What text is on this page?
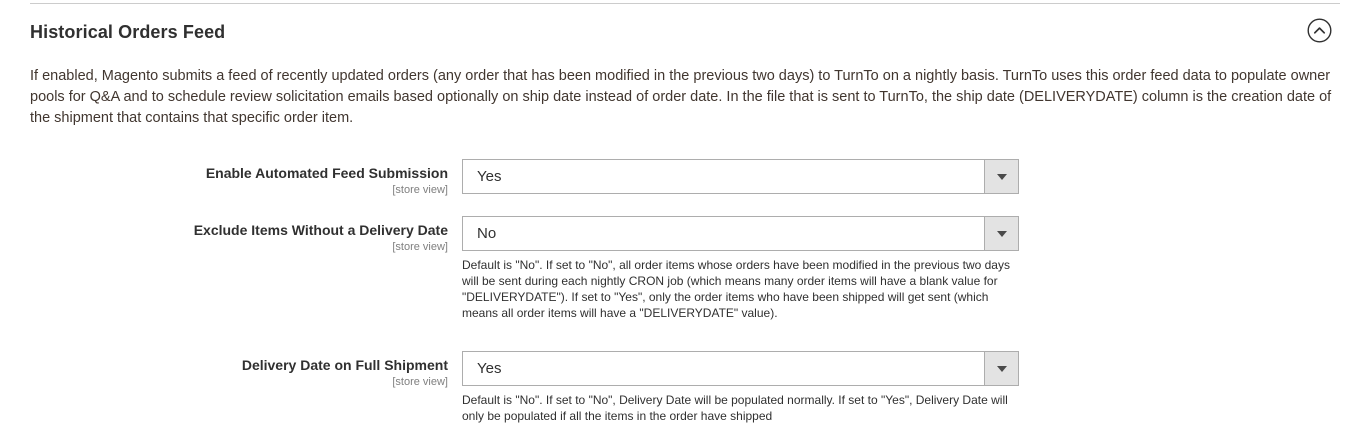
Historical Orders Feed

If enabled, Magento submits a feed of recently updated orders (any order that has been modified in the previous two days) to TurnTo on a nightly basis. TurnTo uses this order feed data to populate owner pools for Q&A and to schedule review solicitation emails based optionally on ship date instead of order date. In the file that is sent to TurnTo, the ship date (DELIVERYDATE) column is the creation date of the shipment that contains that specific order item.

Enable Automated Feed Submission
[store view]
Yes
Exclude Items Without a Delivery Date
[store view]
No

Default is "No". If set to "No", all order items whose orders have been modified in the previous two days will be sent during each nightly CRON job (which means many order items will have a blank value for "DELIVERYDATE"). If set to "Yes", only the order items who have been shipped will get sent (which means all order items will have a "DELIVERYDATE" value).

Delivery Date on Full Shipment
[store view]
Yes

Default is "No". If set to "No", Delivery Date will be populated normally. If set to "Yes", Delivery Date will only be populated if all the items in the order have shipped
